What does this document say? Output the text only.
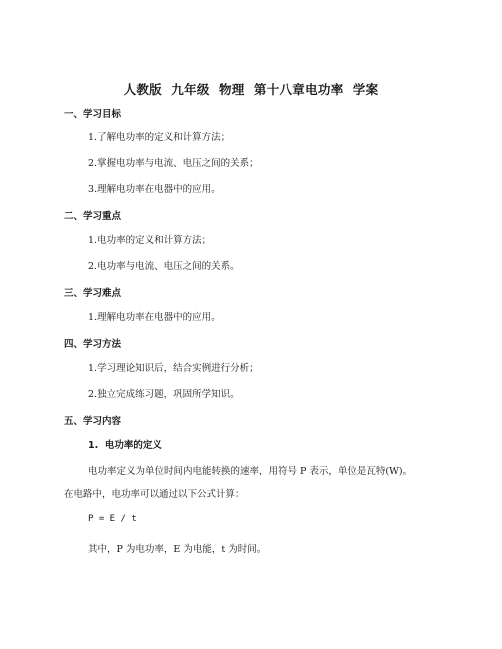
人教版  九年级  物理  第十八章电功率  学案
一、学习目标
1.了解电功率的定义和计算方法；
2.掌握电功率与电流、电压之间的关系；
3.理解电功率在电器中的应用。
二、学习重点
1.电功率的定义和计算方法；
2.电功率与电流、电压之间的关系。
三、学习难点
1.理解电功率在电器中的应用。
四、学习方法
1.学习理论知识后，结合实例进行分析；
2.独立完成练习题，巩固所学知识。
五、学习内容
1.  电功率的定义
电功率定义为单位时间内电能转换的速率，用符号 P 表示，单位是瓦特(W)。
在电路中，电功率可以通过以下公式计算：
P = E / t
其中，P 为电功率，E 为电能，t 为时间。
